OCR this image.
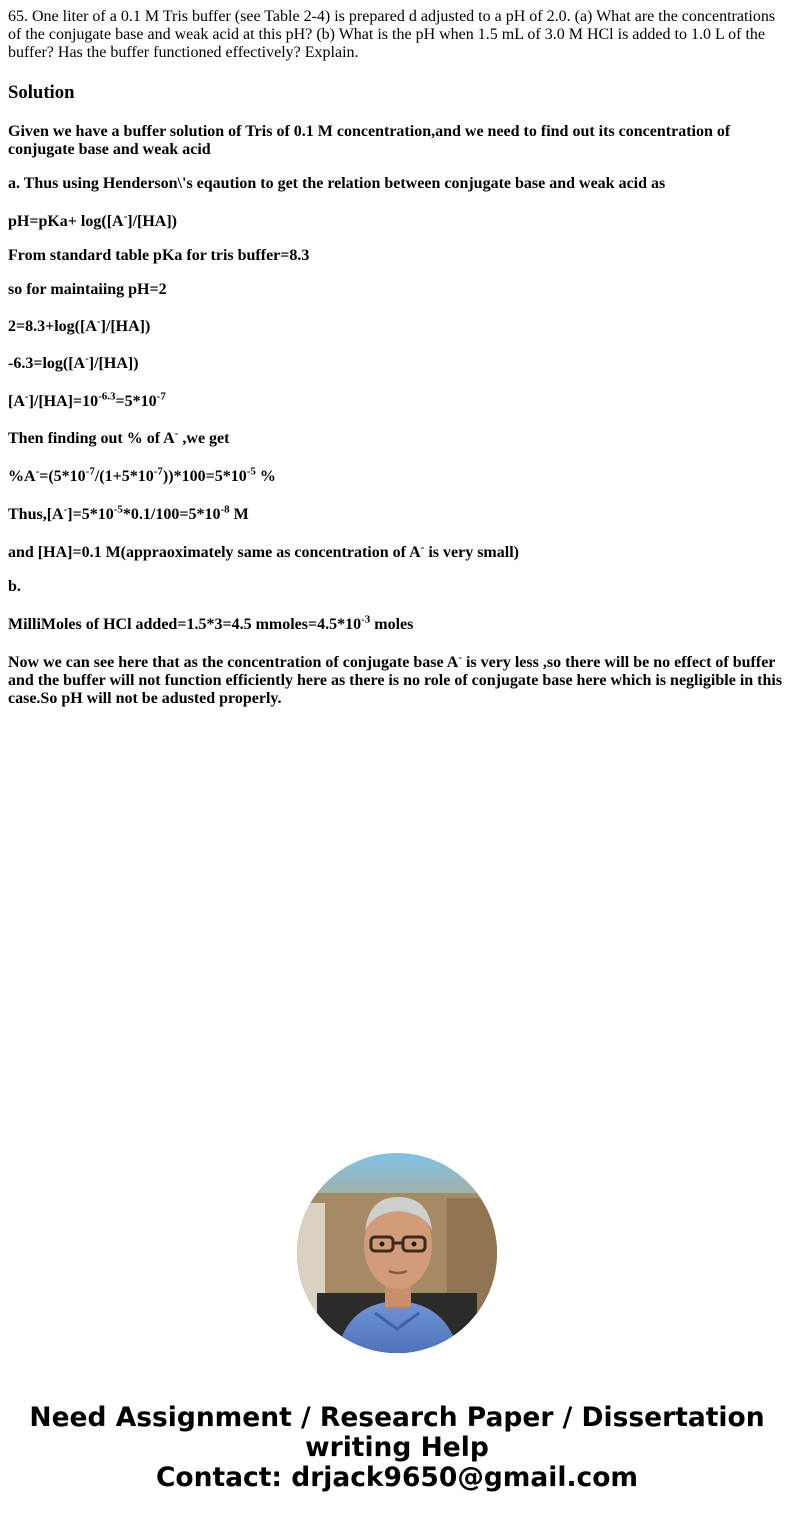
65. One liter of a 0.1 M Tris buffer (see Table 2-4) is prepared d adjusted to a pH of 2.0. (a) What are the concentrations of the conjugate base and weak acid at this pH? (b) What is the pH when 1.5 mL of 3.0 M HCl is added to 1.0 L of the buffer? Has the buffer functioned effectively? Explain.

Solution

Given we have a buffer solution of Tris of 0.1 M concentration,and we need to find out its concentration of conjugate base and weak acid

a. Thus using Henderson\'s eqaution to get the relation between conjugate base and weak acid as

pH=pKa+ log([A-]/[HA])

From standard table pKa for tris buffer=8.3

so for maintaiing pH=2

2=8.3+log([A-]/[HA])

-6.3=log([A-]/[HA])

$[A^-]/[HA]=10^{-6.3}=5*10^{-7}$

Then finding out % of A- ,we get

$\%A^-=(5*10^{-7}/(1+5*10^{-7}))*100=5*10^{-5}$ %

$Thus,[A^-]=5*10^{-5}*0.1/100=5*10^{-8}$ M

and [HA]=0.1 M(appraoximately same as concentration of A- is very small)

b.

MilliMoles of HCl added=1.5*3=4.5 $mmoles=4.5*10^{-3}$ moles

Now we can see here that as the concentration of conjugate base A- is very less ,so there will be no effect of buffer and the buffer will not function efficiently here as there is no role of conjugate base here which is negligible in this case.So pH will not be adusted properly.

Need Assignment / Research Paper / Dissertation
writing Help
Contact: drjack9650@gmail.com
